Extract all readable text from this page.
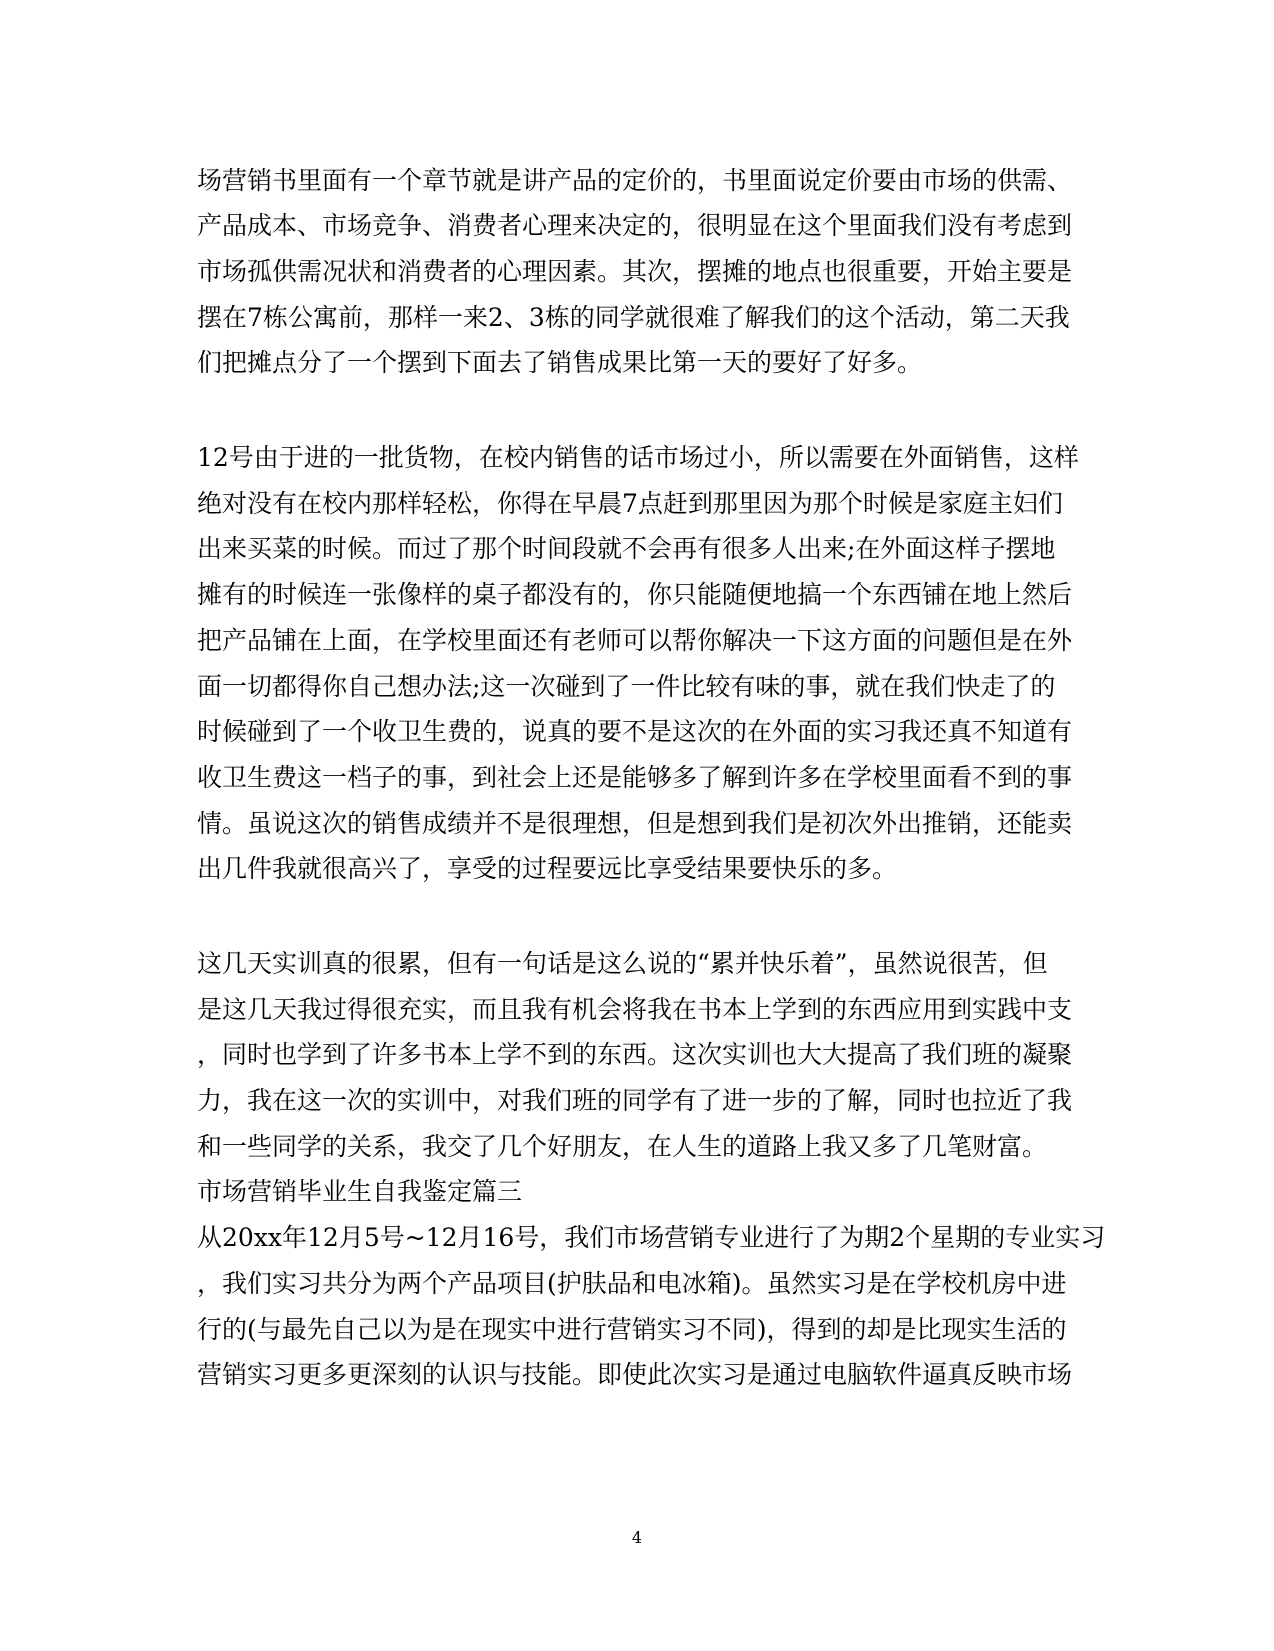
场营销书里面有一个章节就是讲产品的定价的，书里面说定价要由市场的供需、
产品成本、市场竞争、消费者心理来决定的，很明显在这个里面我们没有考虑到
市场孤供需况状和消费者的心理因素。其次，摆摊的地点也很重要，开始主要是
摆在7栋公寓前，那样一来2、3栋的同学就很难了解我们的这个活动，第二天我
们把摊点分了一个摆到下面去了销售成果比第一天的要好了好多。
12号由于进的一批货物，在校内销售的话市场过小，所以需要在外面销售，这样
绝对没有在校内那样轻松，你得在早晨7点赶到那里因为那个时候是家庭主妇们
出来买菜的时候。而过了那个时间段就不会再有很多人出来;在外面这样子摆地
摊有的时候连一张像样的桌子都没有的，你只能随便地搞一个东西铺在地上然后
把产品铺在上面，在学校里面还有老师可以帮你解决一下这方面的问题但是在外
面一切都得你自己想办法;这一次碰到了一件比较有味的事，就在我们快走了的
时候碰到了一个收卫生费的，说真的要不是这次的在外面的实习我还真不知道有
收卫生费这一档子的事，到社会上还是能够多了解到许多在学校里面看不到的事
情。虽说这次的销售成绩并不是很理想，但是想到我们是初次外出推销，还能卖
出几件我就很高兴了，享受的过程要远比享受结果要快乐的多。
这几天实训真的很累，但有一句话是这么说的“累并快乐着”，虽然说很苦，但
是这几天我过得很充实，而且我有机会将我在书本上学到的东西应用到实践中支
，同时也学到了许多书本上学不到的东西。这次实训也大大提高了我们班的凝聚
力，我在这一次的实训中，对我们班的同学有了进一步的了解，同时也拉近了我
和一些同学的关系，我交了几个好朋友，在人生的道路上我又多了几笔财富。
市场营销毕业生自我鉴定篇三
从20xx年12月5号~12月16号，我们市场营销专业进行了为期2个星期的专业实习
，我们实习共分为两个产品项目(护肤品和电冰箱)。虽然实习是在学校机房中进
行的(与最先自己以为是在现实中进行营销实习不同)，得到的却是比现实生活的
营销实习更多更深刻的认识与技能。即使此次实习是通过电脑软件逼真反映市场
4
